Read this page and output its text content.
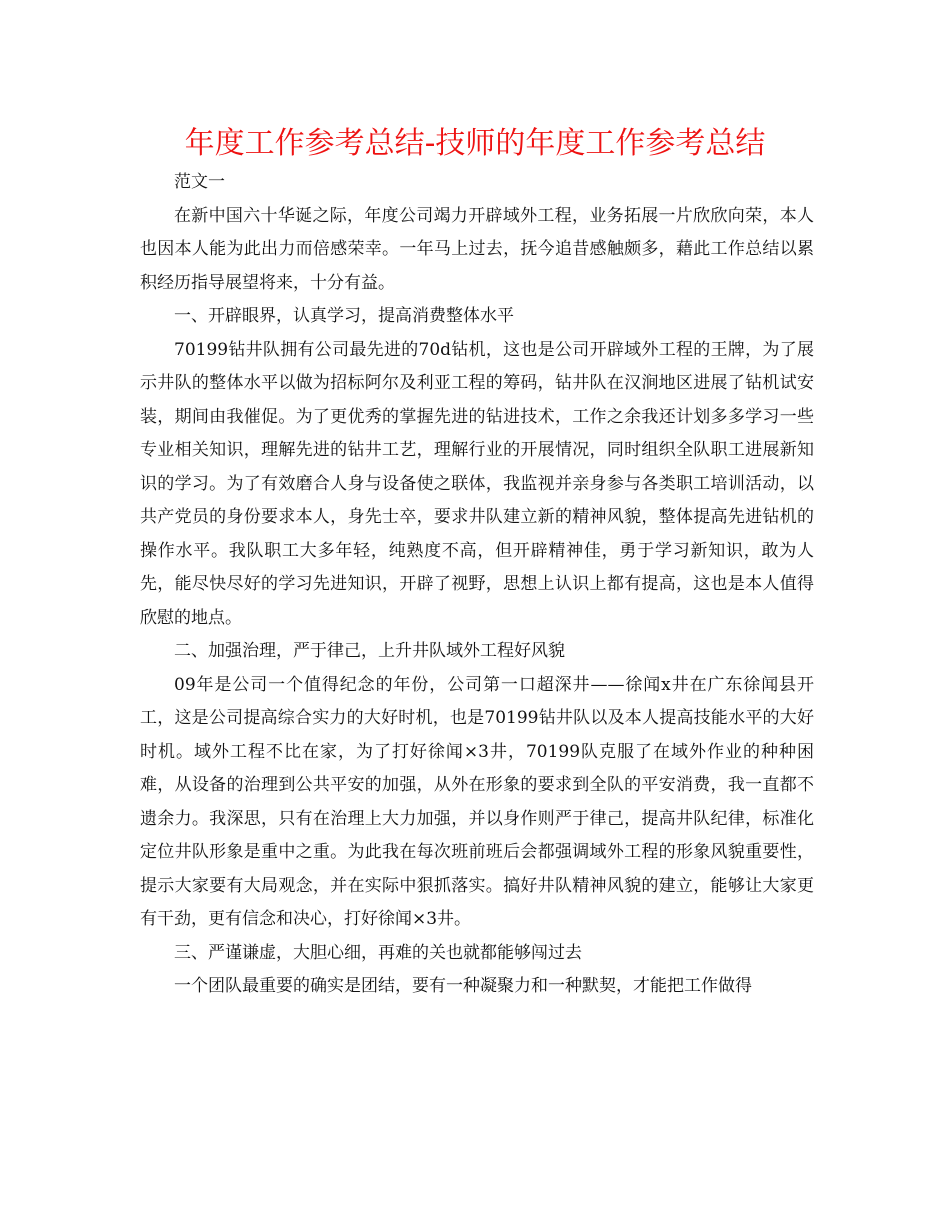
年度工作参考总结-技师的年度工作参考总结

范文一

在新中国六十华诞之际，年度公司竭力开辟域外工程，业务拓展一片欣欣向荣，本人也因本人能为此出力而倍感荣幸。一年马上过去，抚今追昔感触颇多，藉此工作总结以累积经历指导展望将来，十分有益。

一、开辟眼界，认真学习，提高消费整体水平

70199钻井队拥有公司最先进的70d钻机，这也是公司开辟域外工程的王牌，为了展示井队的整体水平以做为招标阿尔及利亚工程的筹码，钻井队在汉涧地区进展了钻机试安装，期间由我催促。为了更优秀的掌握先进的钻进技术，工作之余我还计划多多学习一些专业相关知识，理解先进的钻井工艺，理解行业的开展情况，同时组织全队职工进展新知识的学习。为了有效磨合人身与设备使之联体，我监视并亲身参与各类职工培训活动，以共产党员的身份要求本人，身先士卒，要求井队建立新的精神风貌，整体提高先进钻机的操作水平。我队职工大多年轻，纯熟度不高，但开辟精神佳，勇于学习新知识，敢为人先，能尽快尽好的学习先进知识，开辟了视野，思想上认识上都有提高，这也是本人值得欣慰的地点。

二、加强治理，严于律己，上升井队域外工程好风貌

09年是公司一个值得纪念的年份，公司第一口超深井——徐闻x井在广东徐闻县开工，这是公司提高综合实力的大好时机，也是70199钻井队以及本人提高技能水平的大好时机。域外工程不比在家，为了打好徐闻×3井，70199队克服了在域外作业的种种困难，从设备的治理到公共平安的加强，从外在形象的要求到全队的平安消费，我一直都不遗余力。我深思，只有在治理上大力加强，并以身作则严于律己，提高井队纪律，标准化定位井队形象是重中之重。为此我在每次班前班后会都强调域外工程的形象风貌重要性，提示大家要有大局观念，并在实际中狠抓落实。搞好井队精神风貌的建立，能够让大家更有干劲，更有信念和决心，打好徐闻×3井。

三、严谨谦虚，大胆心细，再难的关也就都能够闯过去

一个团队最重要的确实是团结，要有一种凝聚力和一种默契，才能把工作做得
